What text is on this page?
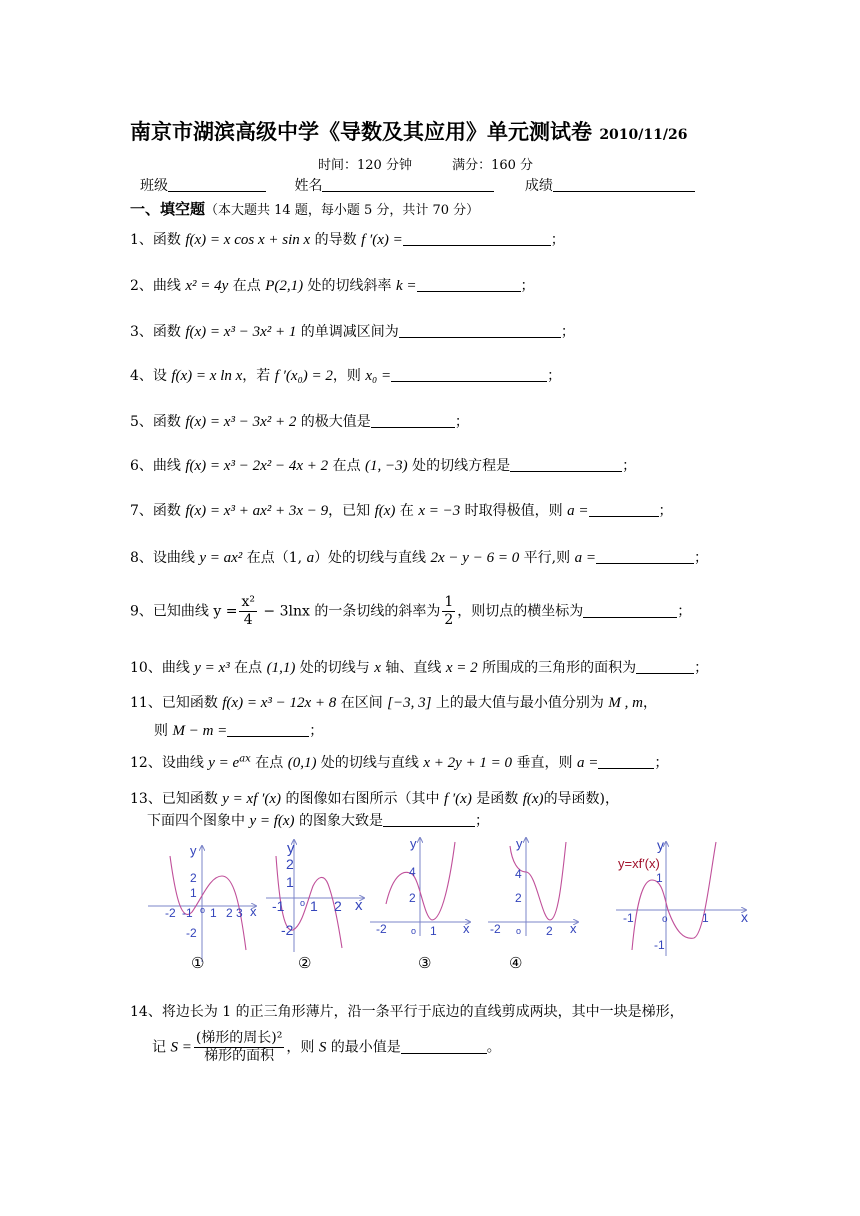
南京市湖滨高级中学《导数及其应用》单元测试卷 2010/11/26
时间：120 分钟	满分：160 分
班级	姓名	成绩
一、填空题（本大题共 14 题，每小题 5 分，共计 70 分）
1、函数 f(x) = x cos x + sin x 的导数 f ′(x) =	；
2、曲线 x² = 4y 在点 P(2,1) 处的切线斜率 k =	；
3、函数 f(x) = x³ − 3x² + 1 的单调减区间为	；
4、设 f(x) = x ln x，若 f ′(x₀) = 2，则 x₀ =	；
5、函数 f(x) = x³ − 3x² + 2 的极大值是	；
6、曲线 f(x) = x³ − 2x² − 4x + 2 在点 (1, −3) 处的切线方程是	；
7、函数 f(x) = x³ + ax² + 3x − 9，已知 f(x) 在 x = −3 时取得极值，则 a =	；
8、设曲线 y = ax² 在点（1, a）处的切线与直线 2x − y − 6 = 0 平行,则 a =	；
9、已知曲线 $y = \frac{\text{x²}}{4} - 3\ln x$ 的一条切线的斜率为 $\frac{1}{2}$ ，则切点的横坐标为	；
10、曲线 y = x³ 在点 (1,1) 处的切线与 x 轴、直线 x = 2 所围成的三角形的面积为	；
11、已知函数 f(x) = x³ − 12x + 8 在区间 [−3, 3] 上的最大值与最小值分别为 M , m，
则 M − m =	；
12、设曲线 $y = e^{ax}$ 在点 (0,1) 处的切线与直线 x + 2y + 1 = 0 垂直，则 a =	；
13、已知函数 y = xf ′(x) 的图像如右图所示（其中 f ′(x) 是函数 f(x)的导函数)，
下面四个图象中 y = f(x) 的图象大致是	；
y
x
2
1
-2 -1 o 1 2 3
-2
①
y
x
2
1
-1 o 1 2
-2
②
y
x
4
2
-2	o 1
③
y
x
4
2
-2 o 2
④
y
y=xf′(x)
x
1
-1	o	1
-1
14、将边长为 1 的正三角形薄片，沿一条平行于底边的直线剪成两块，其中一块是梯形，
记 $S = \frac{\text{(梯形的周长)²}}{\text{梯形的面积}}$ ，则 S 的最小值是	。
